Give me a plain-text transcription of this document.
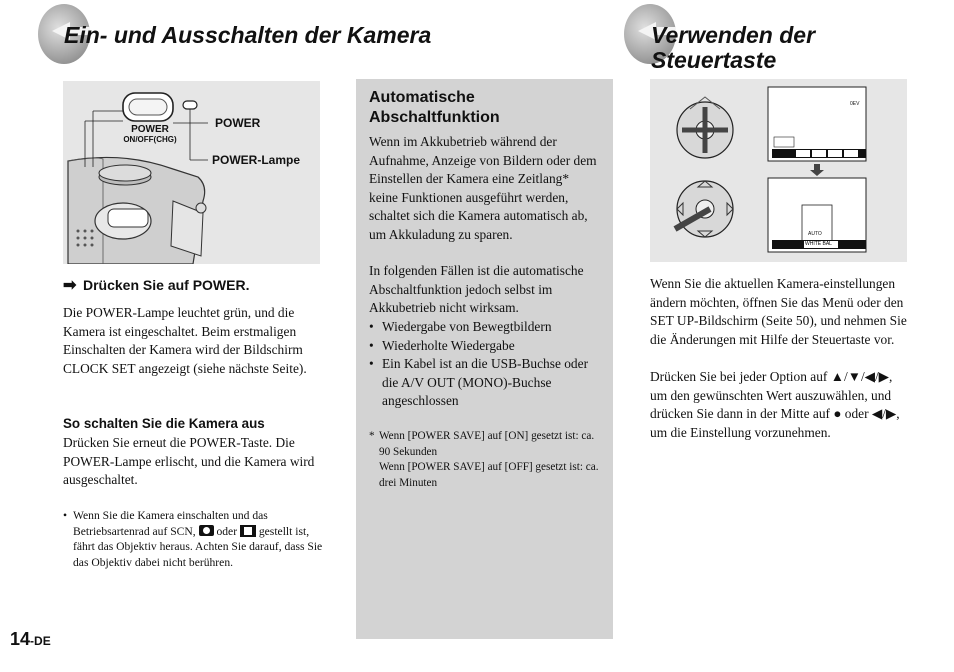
Ein- und Ausschalten der Kamera	Verwenden der
Steuertaste
POWER
ON/OFF(CHG)
POWER
POWER-Lampe
➡ Drücken Sie auf POWER.
Die POWER-Lampe leuchtet grün, und die Kamera ist eingeschaltet. Beim erstmaligen Einschalten der Kamera wird der Bildschirm CLOCK SET angezeigt (siehe nächste Seite).
So schalten Sie die Kamera aus
Drücken Sie erneut die POWER-Taste. Die POWER-Lampe erlischt, und die Kamera wird ausgeschaltet.
• Wenn Sie die Kamera einschalten und das Betriebsartenrad auf SCN,
oder
gestellt ist, fährt das Objektiv heraus. Achten Sie darauf, dass Sie das Objektiv dabei nicht berühren.
Automatische Abschaltfunktion
Wenn im Akkubetrieb während der Aufnahme, Anzeige von Bildern oder dem Einstellen der Kamera eine Zeitlang* keine Funktionen ausgeführt werden, schaltet sich die Kamera automatisch ab, um Akkuladung zu sparen.
In folgenden Fällen ist die automatische Abschaltfunktion jedoch selbst im Akkubetrieb nicht wirksam.
• Wiedergabe von Bewegtbildern
• Wiederholte Wiedergabe
• Ein Kabel ist an die USB-Buchse oder die A/V OUT (MONO)-Buchse angeschlossen
* Wenn [POWER SAVE] auf [ON] gesetzt ist: ca. 90 Sekunden
Wenn [POWER SAVE] auf [OFF] gesetzt ist: ca. drei Minuten
0EV
WHITE BAL
AUTO
Wenn Sie die aktuellen Kamera-einstellungen ändern möchten, öffnen Sie das Menü oder den SET UP-Bildschirm (Seite 50), und nehmen Sie die Änderungen mit Hilfe der Steuertaste vor.
Drücken Sie bei jeder Option auf ▲/▼/◀/▶, um den gewünschten Wert auszuwählen, und drücken Sie dann in der Mitte auf ● oder ◀/▶, um die Einstellung vorzunehmen.
14-DE
